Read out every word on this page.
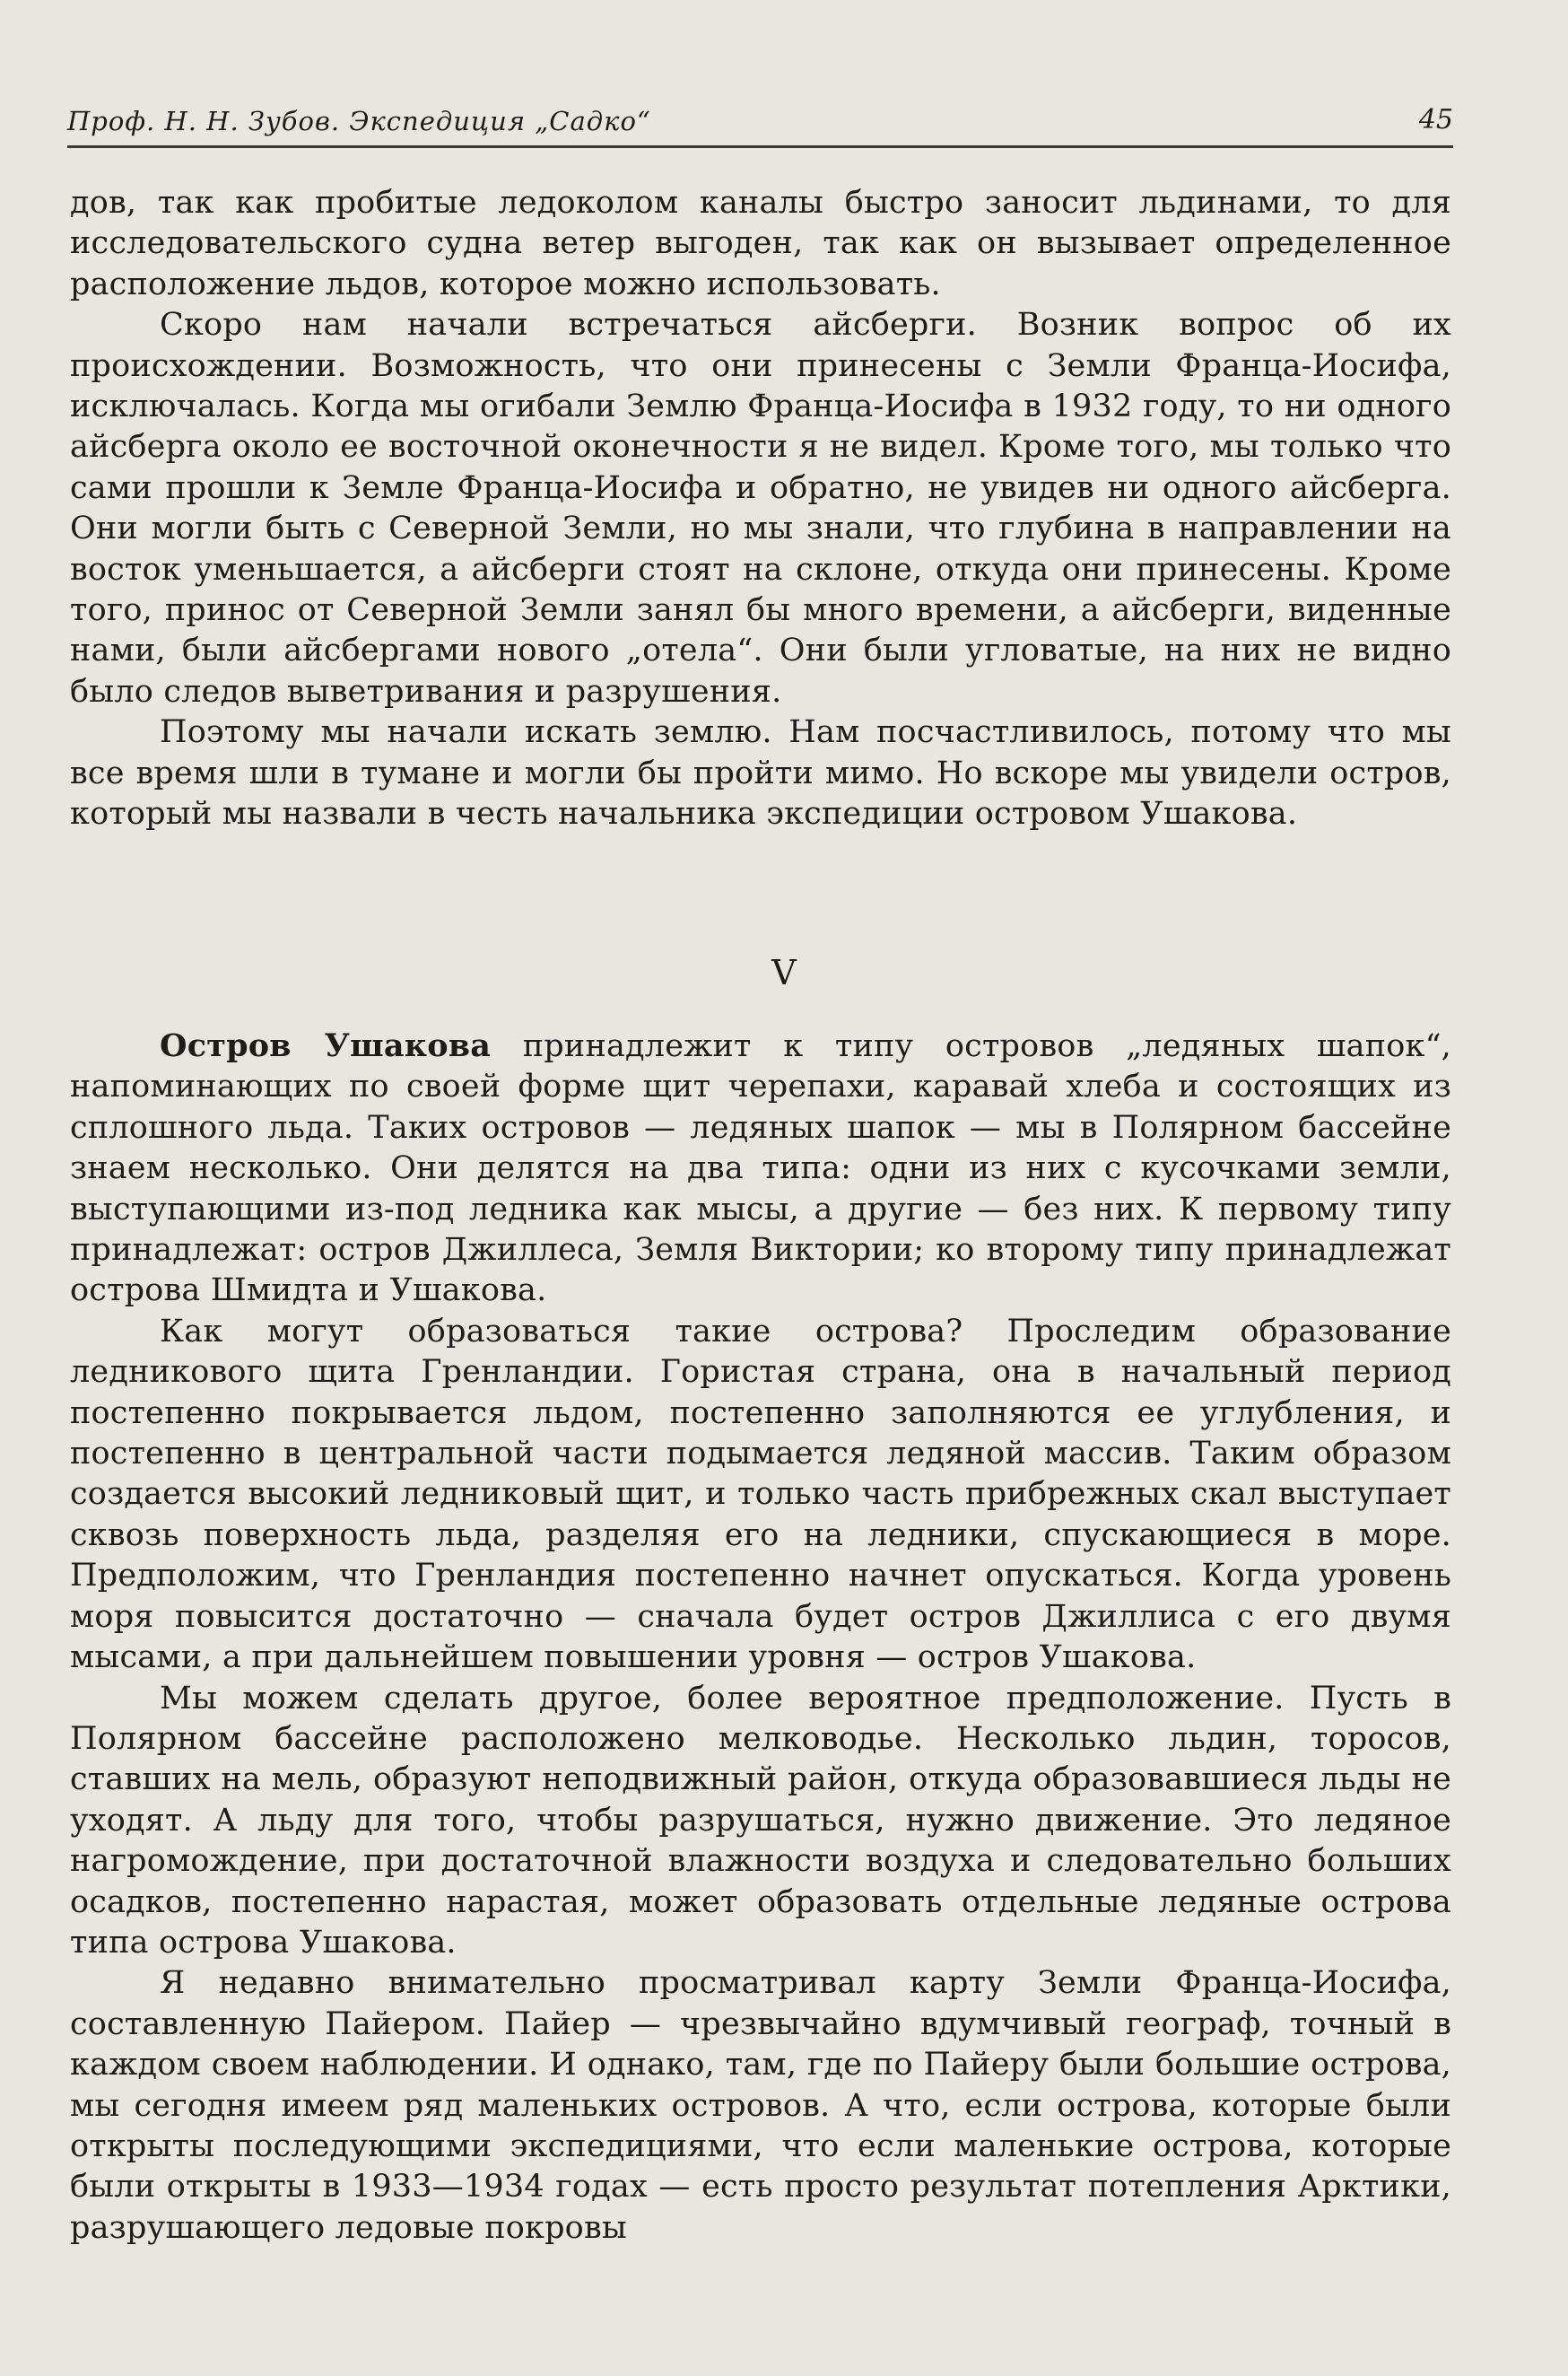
Проф. Н. Н. Зубов. Экспедиция „Садко“	45

дов, так как пробитые ледоколом каналы быстро заносит льдинами, то для исследовательского судна ветер выгоден, так как он вызывает определенное расположение льдов, которое можно использовать.

Скоро нам начали встречаться айсберги. Возник вопрос об их происхождении. Возможность, что они принесены с Земли Франца-Иосифа, исключалась. Когда мы огибали Землю Франца-Иосифа в 1932 году, то ни одного айсберга около ее восточной оконечности я не видел. Кроме того, мы только что сами прошли к Земле Франца-Иосифа и обратно, не увидев ни одного айсберга. Они могли быть с Северной Земли, но мы знали, что глубина в направлении на восток уменьшается, а айсберги стоят на склоне, откуда они принесены. Кроме того, принос от Северной Земли занял бы много времени, а айсберги, виденные нами, были айсбергами нового „отела“. Они были угловатые, на них не видно было следов выветривания и разрушения.

Поэтому мы начали искать землю. Нам посчастливилось, потому что мы все время шли в тумане и могли бы пройти мимо. Но вскоре мы увидели остров, который мы назвали в честь начальника экспедиции островом Ушакова.

V

Остров Ушакова принадлежит к типу островов „ледяных шапок“, напоминающих по своей форме щит черепахи, каравай хлеба и состоящих из сплошного льда. Таких островов — ледяных шапок — мы в Полярном бассейне знаем несколько. Они делятся на два типа: одни из них с кусочками земли, выступающими из-под ледника как мысы, а другие — без них. К первому типу принадлежат: остров Джиллеса, Земля Виктории; ко второму типу принадлежат острова Шмидта и Ушакова.

Как могут образоваться такие острова? Проследим образование ледникового щита Гренландии. Гористая страна, она в начальный период постепенно покрывается льдом, постепенно заполняются ее углубления, и постепенно в центральной части подымается ледяной массив. Таким образом создается высокий ледниковый щит, и только часть прибрежных скал выступает сквозь поверхность льда, разделяя его на ледники, спускающиеся в море. Предположим, что Гренландия постепенно начнет опускаться. Когда уровень моря повысится достаточно — сначала будет остров Джиллиса с его двумя мысами, а при дальнейшем повышении уровня — остров Ушакова.

Мы можем сделать другое, более вероятное предположение. Пусть в Полярном бассейне расположено мелководье. Несколько льдин, торосов, ставших на мель, образуют неподвижный район, откуда образовавшиеся льды не уходят. А льду для того, чтобы разрушаться, нужно движение. Это ледяное нагромождение, при достаточной влажности воздуха и следовательно больших осадков, постепенно нарастая, может образовать отдельные ледяные острова типа острова Ушакова.

Я недавно внимательно просматривал карту Земли Франца-Иосифа, составленную Пайером. Пайер — чрезвычайно вдумчивый географ, точный в каждом своем наблюдении. И однако, там, где по Пайеру были большие острова, мы сегодня имеем ряд маленьких островов. А что, если острова, которые были открыты последующими экспедициями, что если маленькие острова, которые были открыты в 1933—1934 годах — есть просто результат потепления Арктики, разрушающего ледовые покровы
